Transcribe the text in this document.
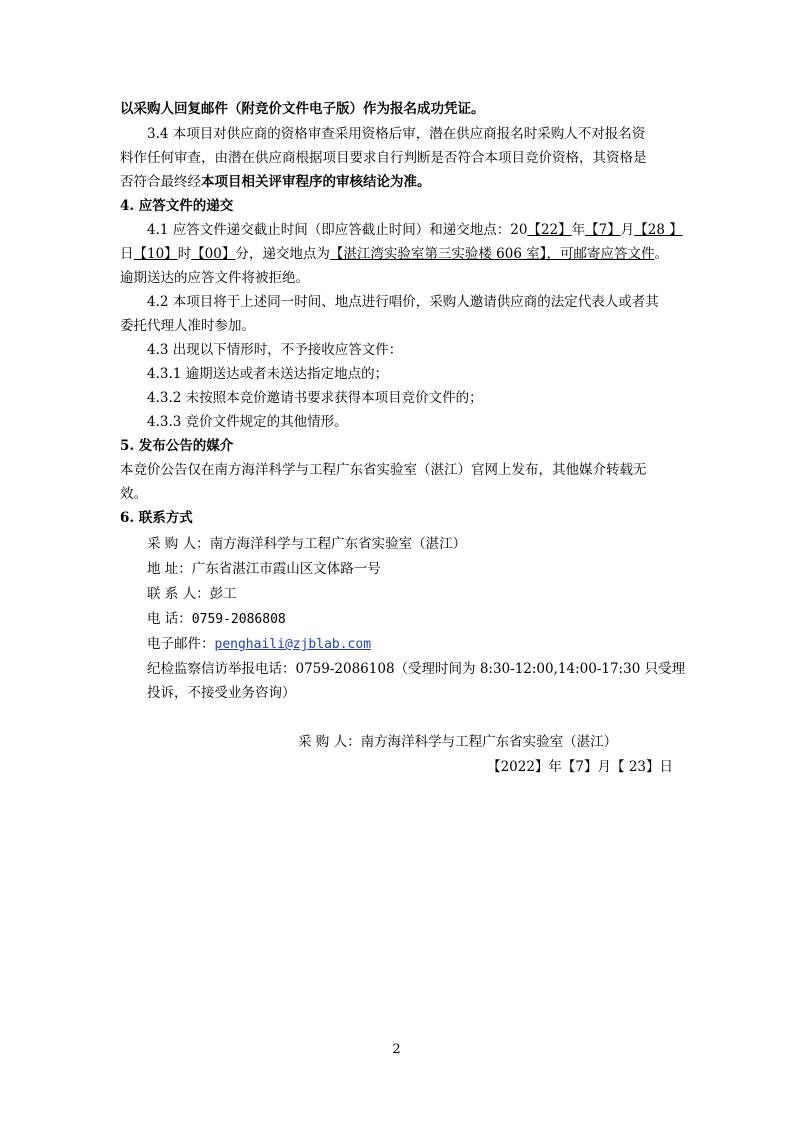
以采购人回复邮件（附竞价文件电子版）作为报名成功凭证。
3.4 本项目对供应商的资格审查采用资格后审，潜在供应商报名时采购人不对报名资
料作任何审查，由潜在供应商根据项目要求自行判断是否符合本项目竞价资格，其资格是
否符合最终经本项目相关评审程序的审核结论为准。
4. 应答文件的递交
4.1 应答文件递交截止时间（即应答截止时间）和递交地点：20【22】年【7】月【28 】
日【10】时【00】分，递交地点为【湛江湾实验室第三实验楼 606 室】，可邮寄应答文件。
逾期送达的应答文件将被拒绝。
4.2 本项目将于上述同一时间、地点进行唱价，采购人邀请供应商的法定代表人或者其
委托代理人准时参加。
4.3 出现以下情形时，不予接收应答文件：
4.3.1 逾期送达或者未送达指定地点的；
4.3.2 未按照本竞价邀请书要求获得本项目竞价文件的；
4.3.3 竞价文件规定的其他情形。
5. 发布公告的媒介
本竞价公告仅在南方海洋科学与工程广东省实验室（湛江）官网上发布，其他媒介转载无
效。
6. 联系方式
采 购 人：南方海洋科学与工程广东省实验室（湛江）
地 址：广东省湛江市霞山区文体路一号
联 系 人：彭工
电 话：0759-2086808
电子邮件：penghaili@zjblab.com
纪检监察信访举报电话：0759-2086108（受理时间为 8:30-12:00,14:00-17:30 只受理
投诉，不接受业务咨询）
采 购 人：南方海洋科学与工程广东省实验室（湛江）
【2022】年【7】月【 23】日
2
